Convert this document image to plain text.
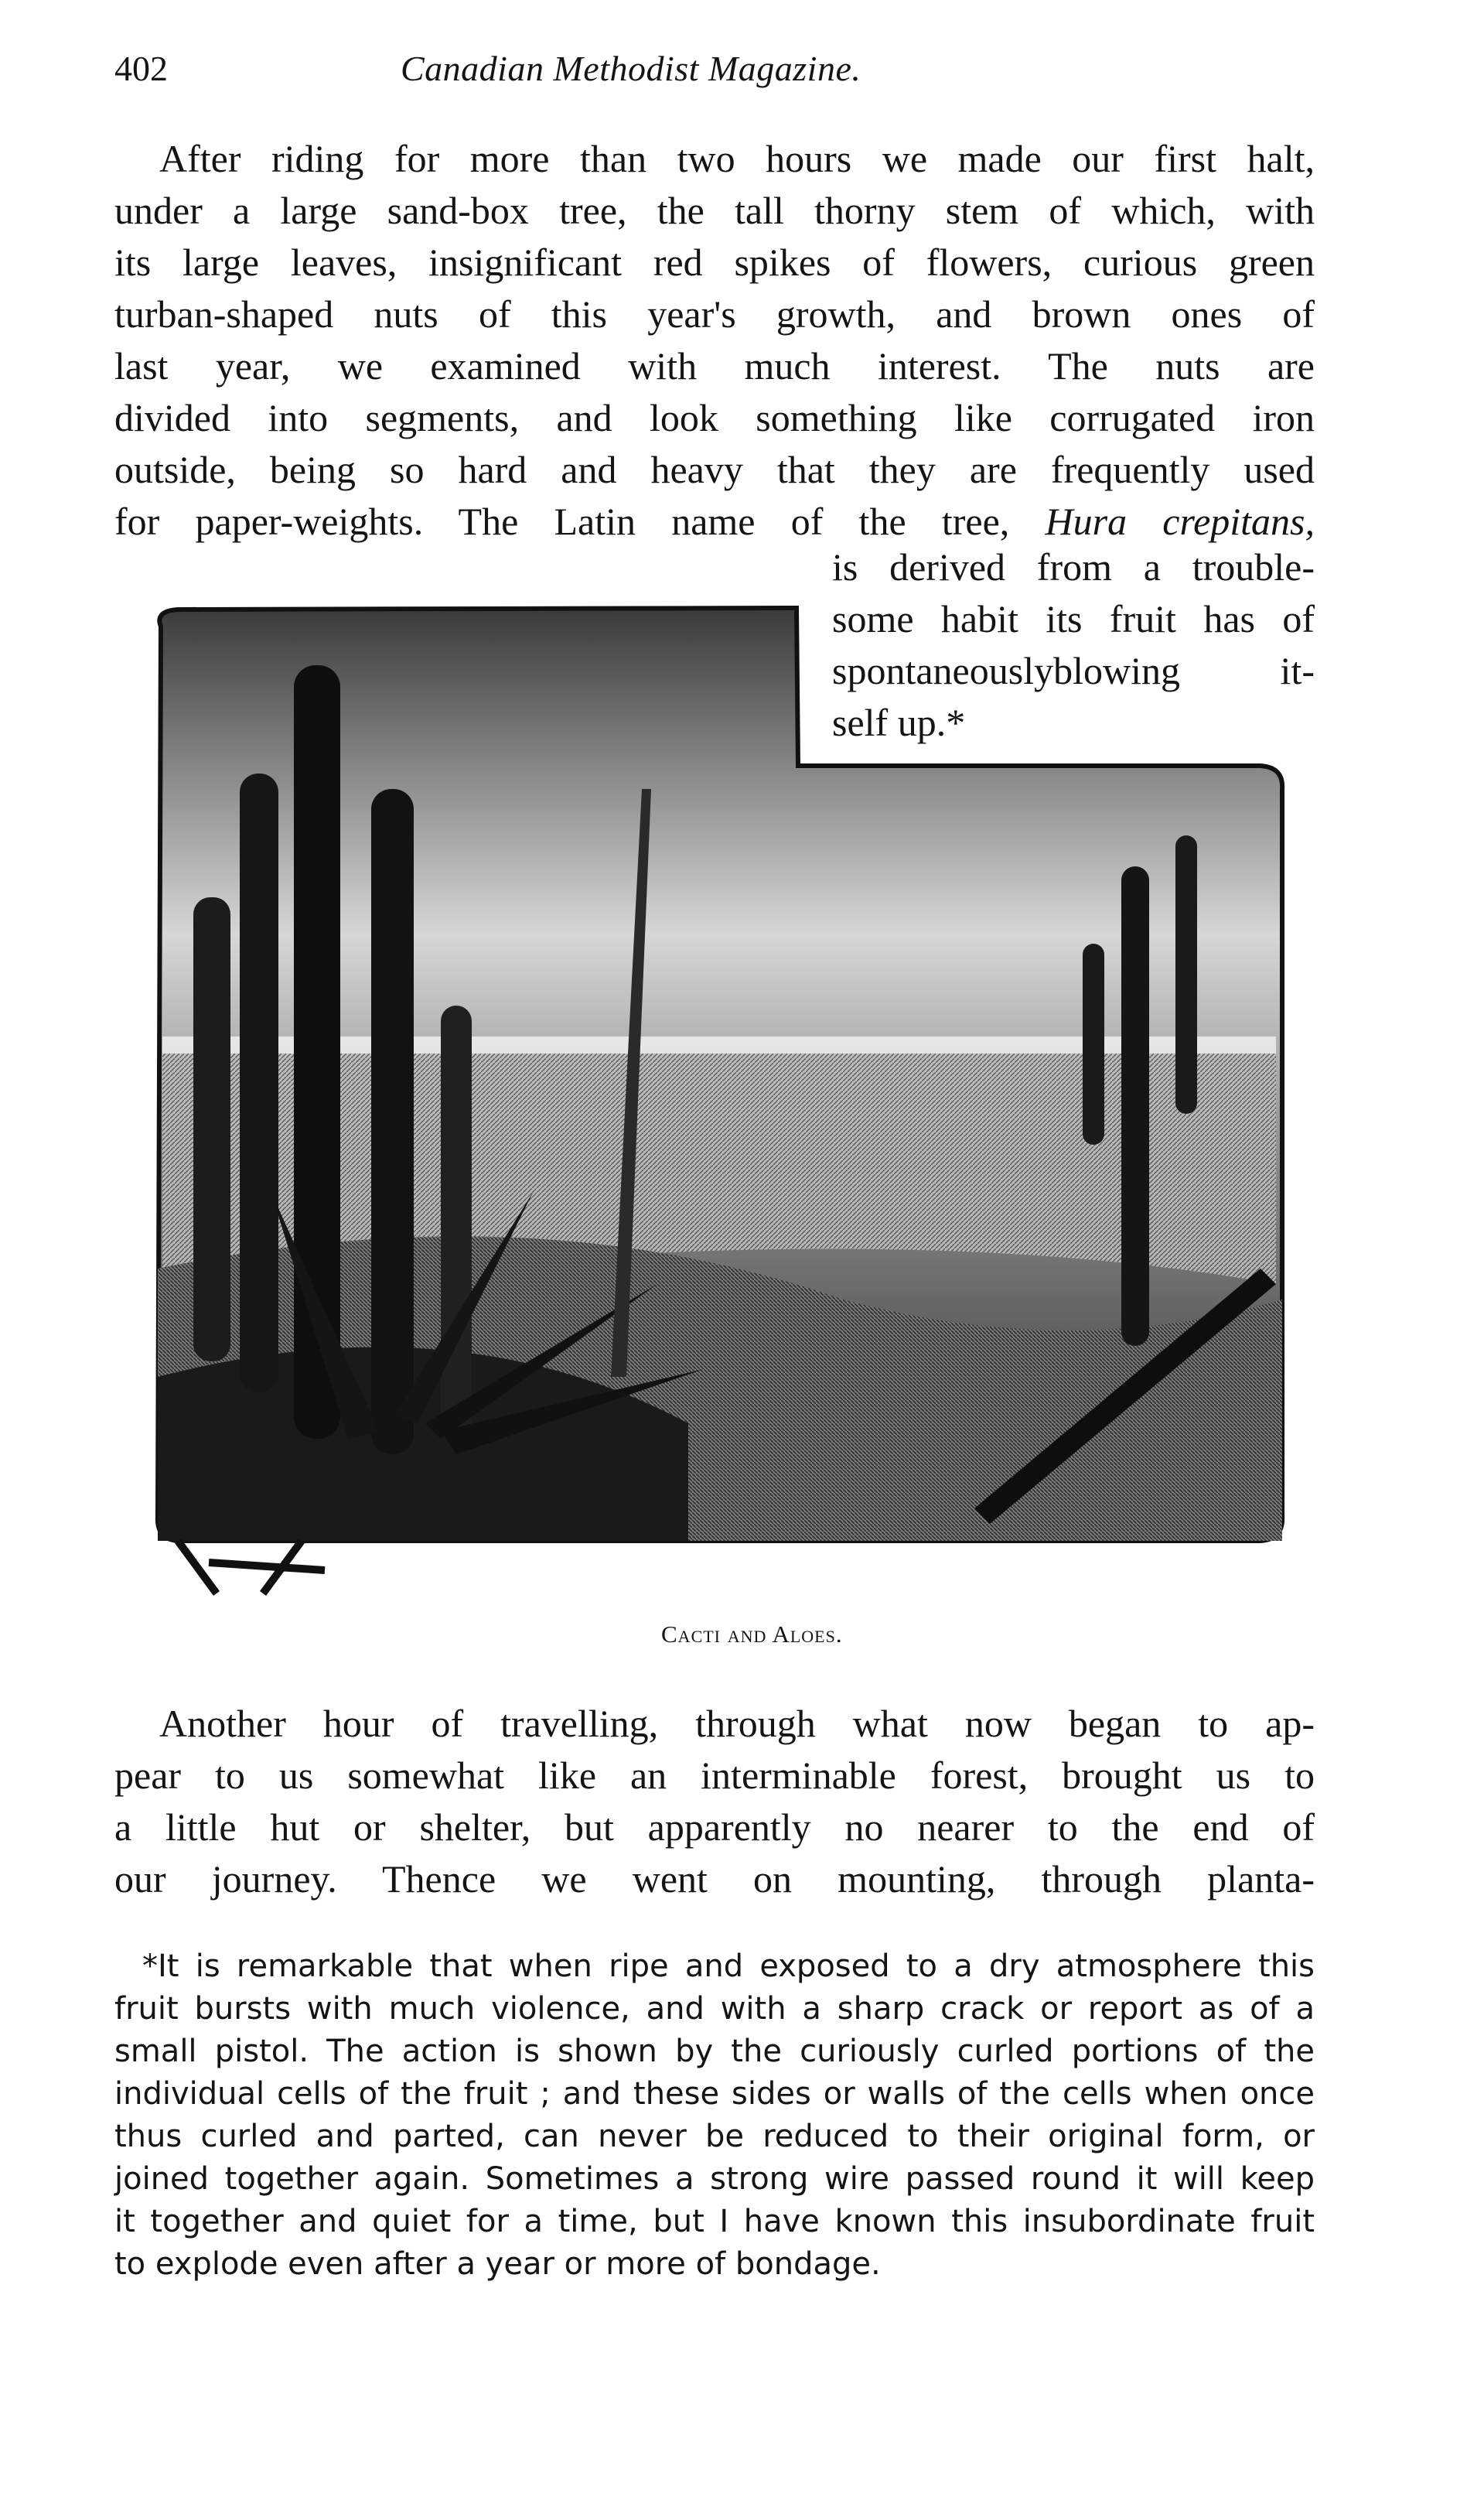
402	Canadian Methodist Magazine.
After riding for more than two hours we made our first halt,
under a large sand-box tree, the tall thorny stem of which, with
its large leaves, insignificant red spikes of flowers, curious green
turban-shaped nuts of this year's growth, and brown ones of
last year, we examined with much interest. The nuts are
divided into segments, and look something like corrugated iron
outside, being so hard and heavy that they are frequently used
for paper-weights. The Latin name of the tree, Hura crepitans,
is derived from a trouble-
some habit its fruit has of
spontaneouslyblowing it-
self up.*
Cacti and Aloes.
Another hour of travelling, through what now began to ap-
pear to us somewhat like an interminable forest, brought us to
a little hut or shelter, but apparently no nearer to the end of
our journey. Thence we went on mounting, through planta-
*It is remarkable that when ripe and exposed to a dry atmosphere this
fruit bursts with much violence, and with a sharp crack or report as of a
small pistol. The action is shown by the curiously curled portions of the
individual cells of the fruit ; and these sides or walls of the cells when once
thus curled and parted, can never be reduced to their original form, or
joined together again. Sometimes a strong wire passed round it will keep
it together and quiet for a time, but I have known this insubordinate fruit
to explode even after a year or more of bondage.
